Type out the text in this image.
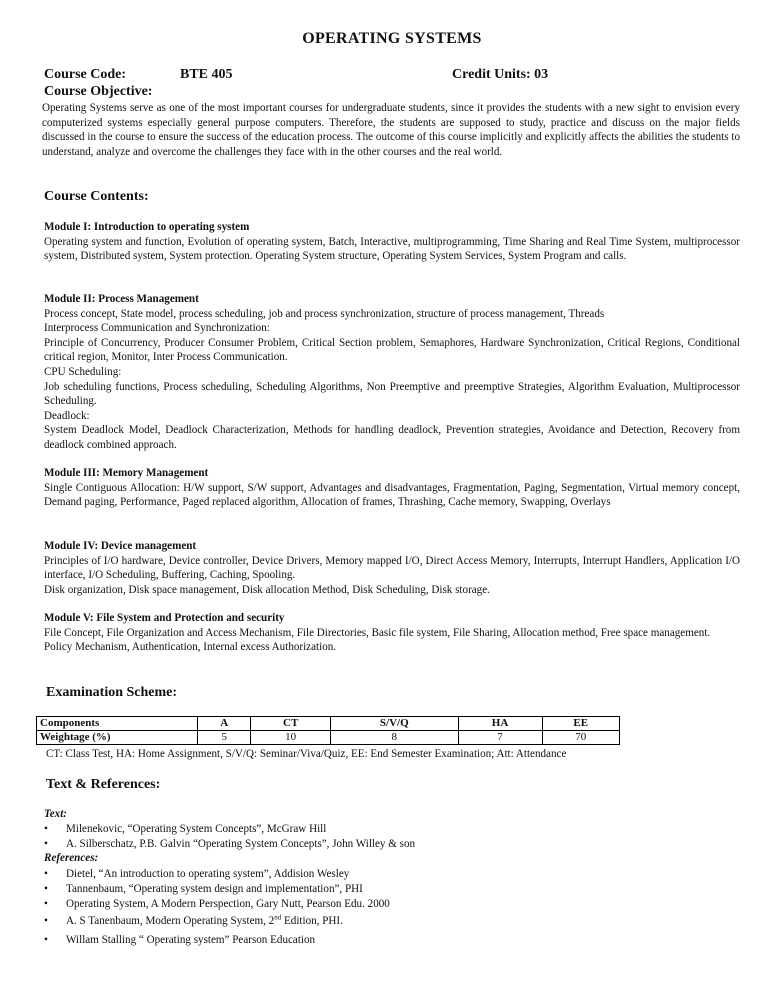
OPERATING SYSTEMS
Course Code:	BTE 405	Credit Units: 03
Course Objective:

Operating Systems serve as one of the most important courses for undergraduate students, since it provides the students with a new sight to envision every computerized systems especially general purpose computers. Therefore, the students are supposed to study, practice and discuss on the major fields discussed in the course to ensure the success of the education process. The outcome of this course implicitly and explicitly affects the abilities the students to understand, analyze and overcome the challenges they face with in the other courses and the real world.

Course Contents:

Module I: Introduction to operating system

Operating system and function, Evolution of operating system, Batch, Interactive, multiprogramming, Time Sharing and Real Time System, multiprocessor system, Distributed system, System protection. Operating System structure, Operating System Services, System Program and calls.

Module II: Process Management

Process concept, State model, process scheduling, job and process synchronization, structure of process management, Threads

Interprocess Communication and Synchronization:

Principle of Concurrency, Producer Consumer Problem, Critical Section problem, Semaphores, Hardware Synchronization, Critical Regions, Conditional critical region, Monitor, Inter Process Communication.

CPU Scheduling:

Job scheduling functions, Process scheduling, Scheduling Algorithms, Non Preemptive and preemptive Strategies, Algorithm Evaluation, Multiprocessor Scheduling.

Deadlock:

System Deadlock Model, Deadlock Characterization, Methods for handling deadlock, Prevention strategies, Avoidance and Detection, Recovery from deadlock combined approach.

Module III: Memory Management

Single Contiguous Allocation: H/W support, S/W support, Advantages and disadvantages, Fragmentation, Paging, Segmentation, Virtual memory concept, Demand paging, Performance, Paged replaced algorithm, Allocation of frames, Thrashing, Cache memory, Swapping, Overlays

Module IV: Device management

Principles of I/O hardware, Device controller, Device Drivers, Memory mapped I/O, Direct Access Memory, Interrupts, Interrupt Handlers, Application I/O interface, I/O Scheduling, Buffering, Caching, Spooling.

Disk organization, Disk space management, Disk allocation Method, Disk Scheduling, Disk storage.

Module V: File System and Protection and security

File Concept, File Organization and Access Mechanism, File Directories, Basic file system, File Sharing, Allocation method, Free space management.

Policy Mechanism, Authentication, Internal excess Authorization.

Examination Scheme:
Components	A	CT	S/V/Q	HA	EE
Weightage (%)	5	10	8	7	70
CT: Class Test, HA: Home Assignment, S/V/Q: Seminar/Viva/Quiz, EE: End Semester Examination; Att: Attendance
Text & References:
Text:
• Milenekovic, “Operating System Concepts”, McGraw Hill
• A. Silberschatz, P.B. Galvin “Operating System Concepts”, John Willey & son
References:
• Dietel, “An introduction to operating system”, Addision Wesley
• Tannenbaum, “Operating system design and implementation”, PHI
• Operating System, A Modern Perspection, Gary Nutt, Pearson Edu. 2000
• A. S Tanenbaum, Modern Operating System, 2nd Edition, PHI.
• Willam Stalling “ Operating system” Pearson Education
